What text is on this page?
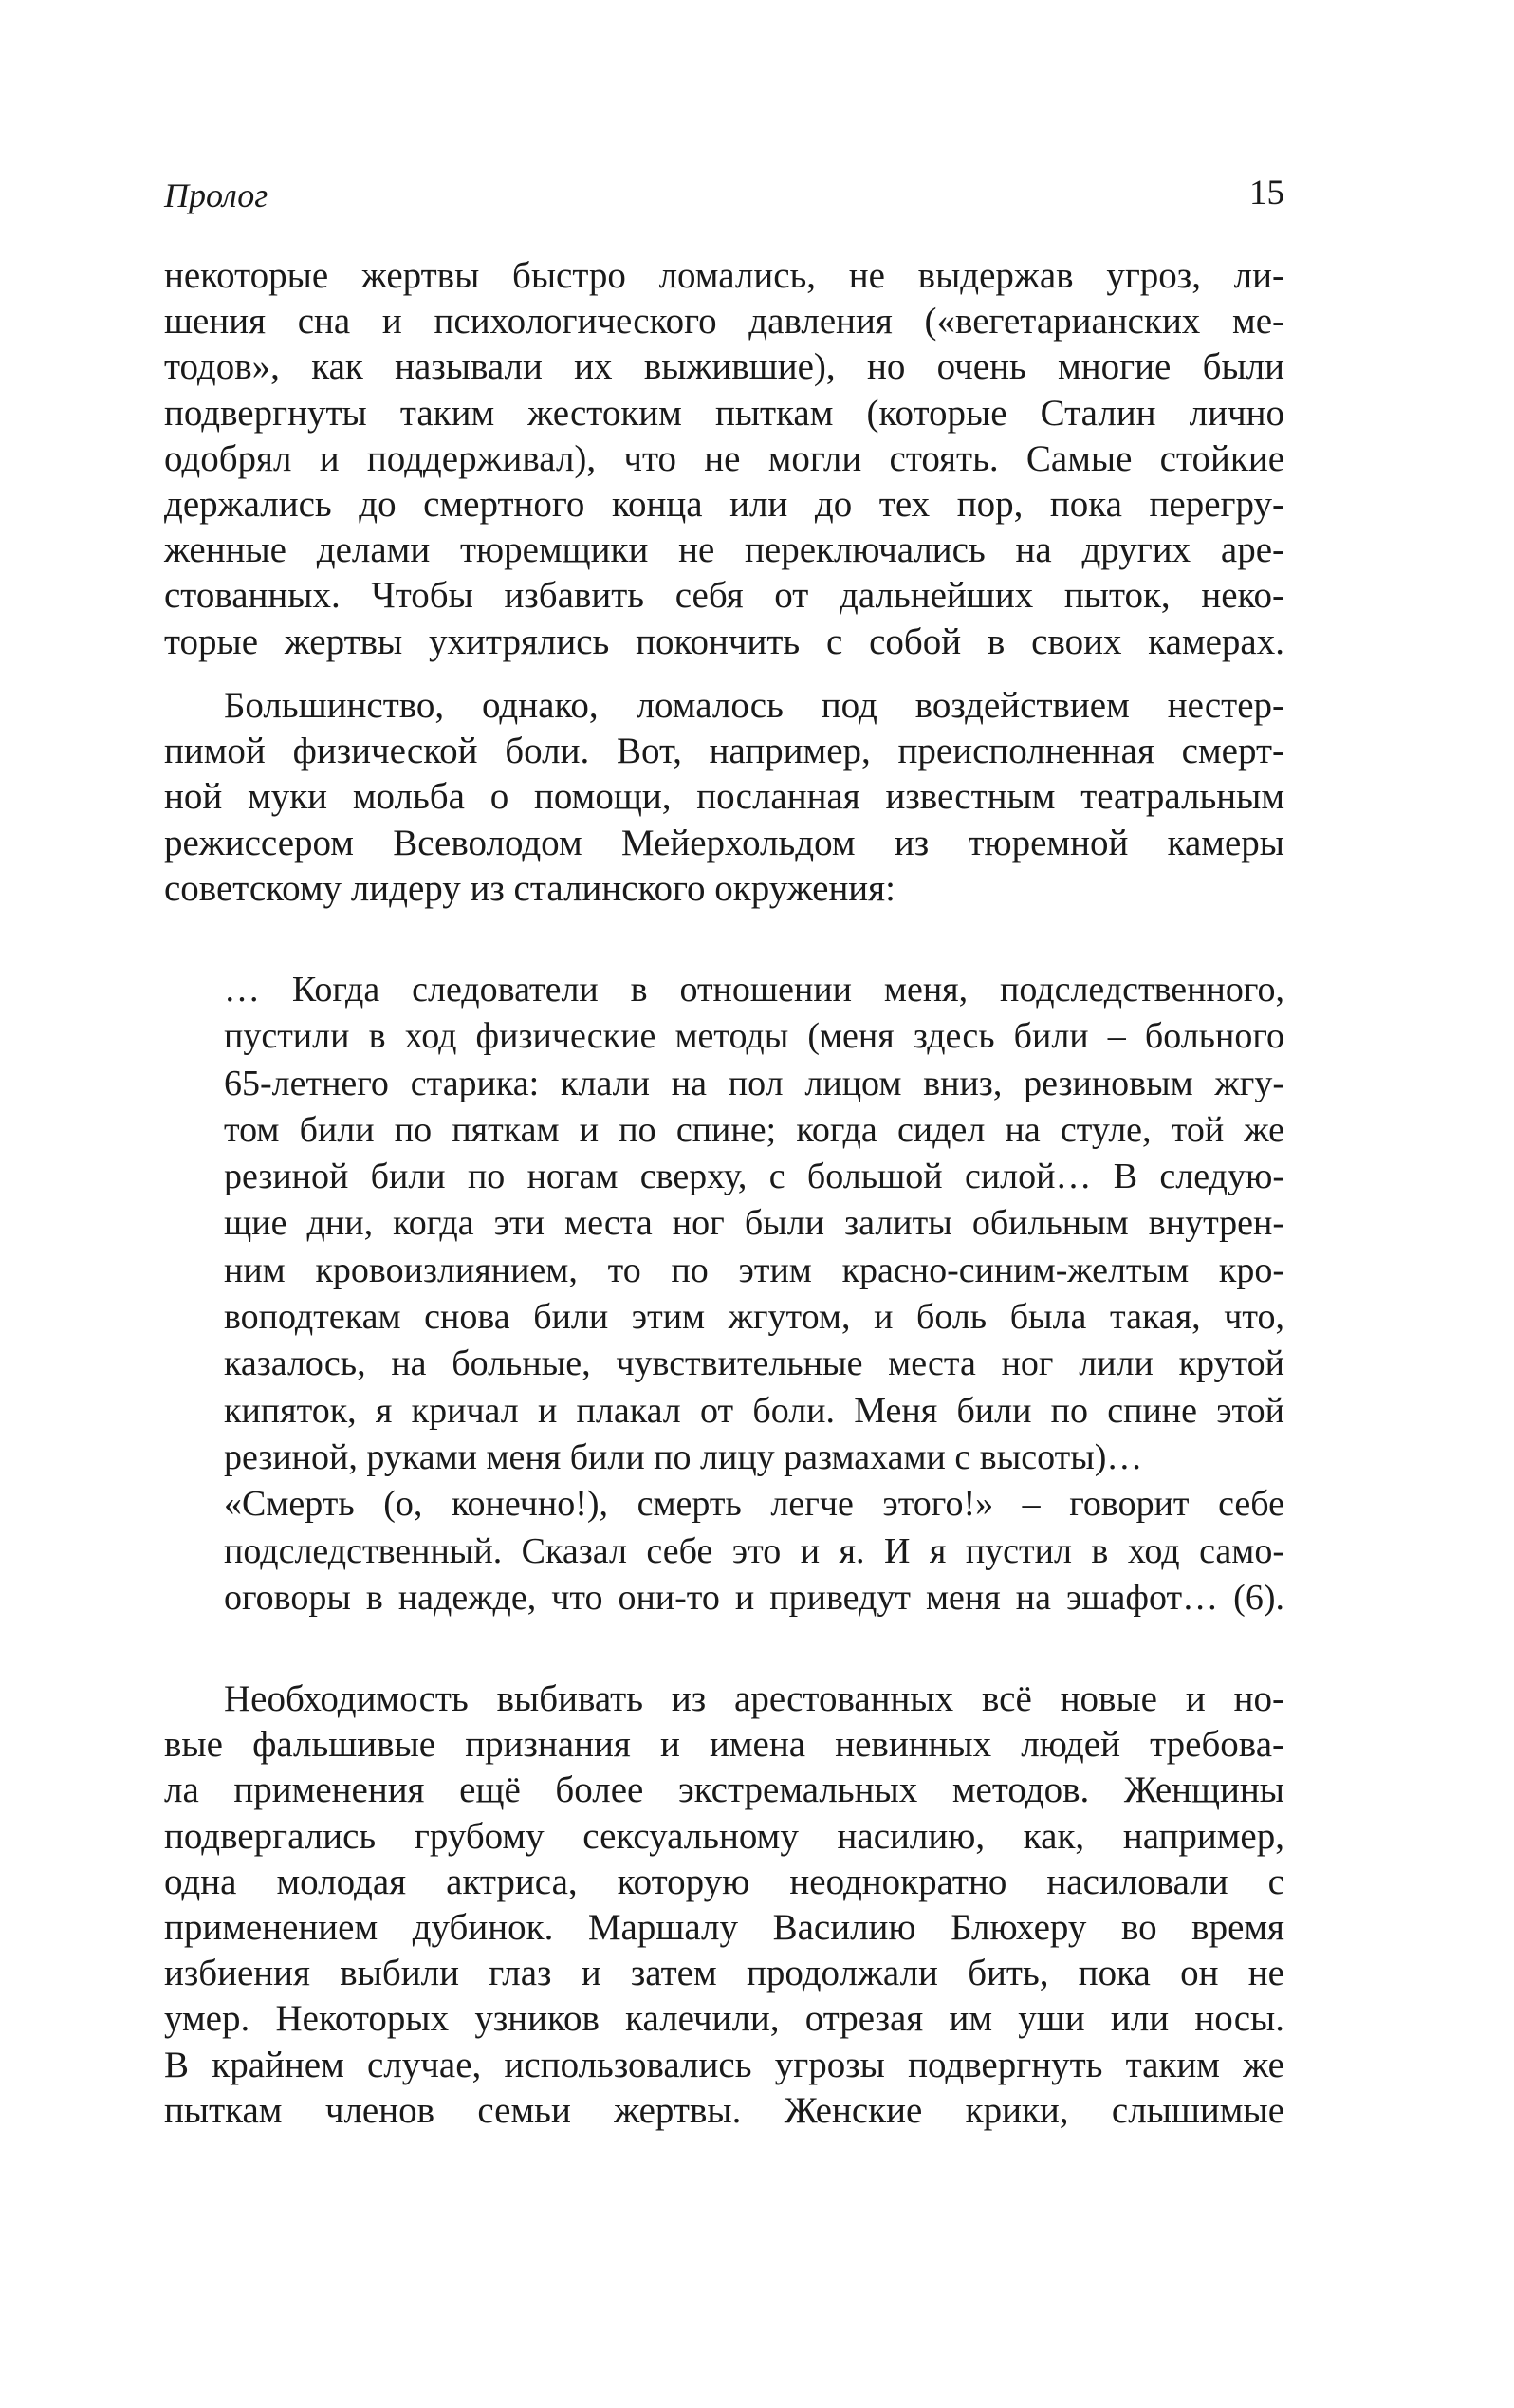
Пролог	15
некоторые жертвы быстро ломались, не выдержав угроз, ли-
шения сна и психологического давления («вегетарианских ме-
тодов», как называли их выжившие), но очень многие были
подвергнуты таким жестоким пыткам (которые Сталин лично
одобрял и поддерживал), что не могли стоять. Самые стойкие
держались до смертного конца или до тех пор, пока перегру-
женные делами тюремщики не переключались на других аре-
стованных. Чтобы избавить себя от дальнейших пыток, неко-
торые жертвы ухитрялись покончить с собой в своих камерах.
Большинство, однако, ломалось под воздействием нестер-
пимой физической боли. Вот, например, преисполненная смерт-
ной муки мольба о помощи, посланная известным театральным
режиссером Всеволодом Мейерхольдом из тюремной камеры
советскому лидеру из сталинского окружения:
… Когда следователи в отношении меня, подследственного,
пустили в ход физические методы (меня здесь били – больного
65-летнего старика: клали на пол лицом вниз, резиновым жгу-
том били по пяткам и по спине; когда сидел на стуле, той же
резиной били по ногам сверху, с большой силой… В следую-
щие дни, когда эти места ног были залиты обильным внутрен-
ним кровоизлиянием, то по этим красно-синим-желтым кро-
воподтекам снова били этим жгутом, и боль была такая, что,
казалось, на больные, чувствительные места ног лили крутой
кипяток, я кричал и плакал от боли. Меня били по спине этой
резиной, руками меня били по лицу размахами с высоты)…
«Смерть (о, конечно!), смерть легче этого!» – говорит себе
подследственный. Сказал себе это и я. И я пустил в ход само-
оговоры в надежде, что они-то и приведут меня на эшафот… (6).
Необходимость выбивать из арестованных всё новые и но-
вые фальшивые признания и имена невинных людей требова-
ла применения ещё более экстремальных методов. Женщины
подвергались грубому сексуальному насилию, как, например,
одна молодая актриса, которую неоднократно насиловали с
применением дубинок. Маршалу Василию Блюхеру во время
избиения выбили глаз и затем продолжали бить, пока он не
умер. Некоторых узников калечили, отрезая им уши или носы.
В крайнем случае, использовались угрозы подвергнуть таким же
пыткам членов семьи жертвы. Женские крики, слышимые
